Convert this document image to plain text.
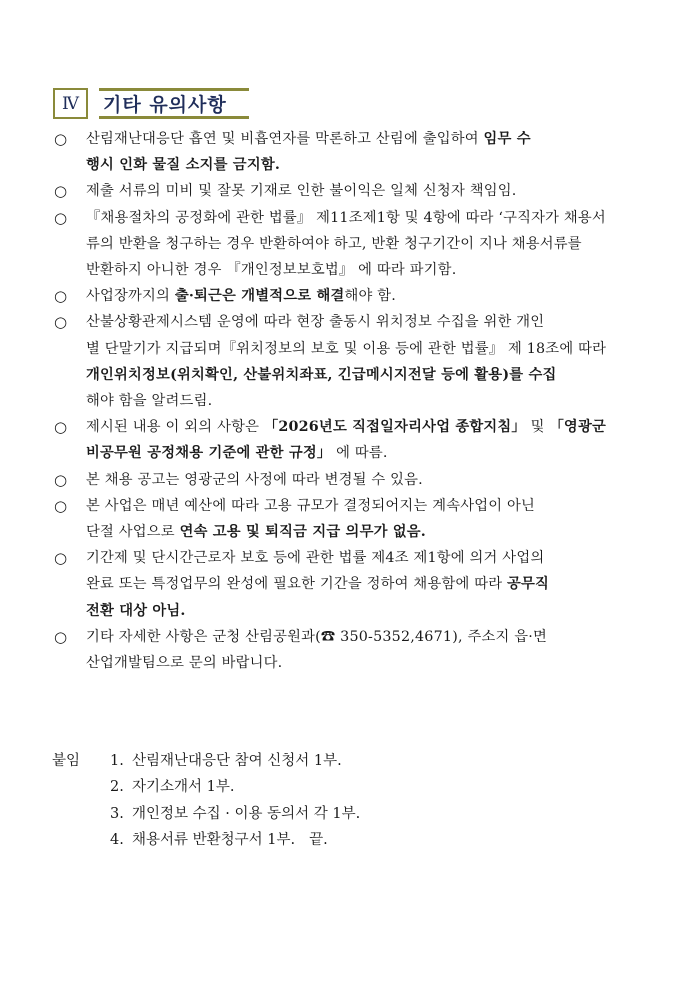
Ⅳ 기타 유의사항
○ 산림재난대응단 흡연 및 비흡연자를 막론하고 산림에 출입하여 임무 수
행시 인화 물질 소지를 금지함.
○ 제출 서류의 미비 및 잘못 기재로 인한 불이익은 일체 신청자 책임임.
○ 『채용절차의 공정화에 관한 법률』 제11조제1항 및 4항에 따라 ‘구직자가 채용서
류의 반환을 청구하는 경우 반환하여야 하고, 반환 청구기간이 지나 채용서류를
반환하지 아니한 경우 『개인정보보호법』 에 따라 파기함.
○ 사업장까지의 출·퇴근은 개별적으로 해결해야 함.
○ 산불상황관제시스템 운영에 따라 현장 출동시 위치정보 수집을 위한 개인
별 단말기가 지급되며『위치정보의 보호 및 이용 등에 관한 법률』 제 18조에 따라
개인위치정보(위치확인, 산불위치좌표, 긴급메시지전달 등에 활용)를 수집
해야 함을 알려드림.
○ 제시된 내용 이 외의 사항은 「2026년도 직접일자리사업 종합지침」 및 「영광군
비공무원 공정채용 기준에 관한 규정」 에 따름.
○ 본 채용 공고는 영광군의 사정에 따라 변경될 수 있음.
○ 본 사업은 매년 예산에 따라 고용 규모가 결정되어지는 계속사업이 아닌
단절 사업으로 연속 고용 및 퇴직금 지급 의무가 없음.
○ 기간제 및 단시간근로자 보호 등에 관한 법률 제4조 제1항에 의거 사업의
완료 또는 특정업무의 완성에 필요한 기간을 정하여 채용함에 따라 공무직
전환 대상 아님.
○ 기타 자세한 사항은 군청 산림공원과(☎ 350-5352,4671), 주소지 읍·면
산업개발팀으로 문의 바랍니다.
붙임 1. 산림재난대응단 참여 신청서 1부.
2. 자기소개서 1부.
3. 개인정보 수집 · 이용 동의서 각 1부.
4. 채용서류 반환청구서 1부. 끝.
